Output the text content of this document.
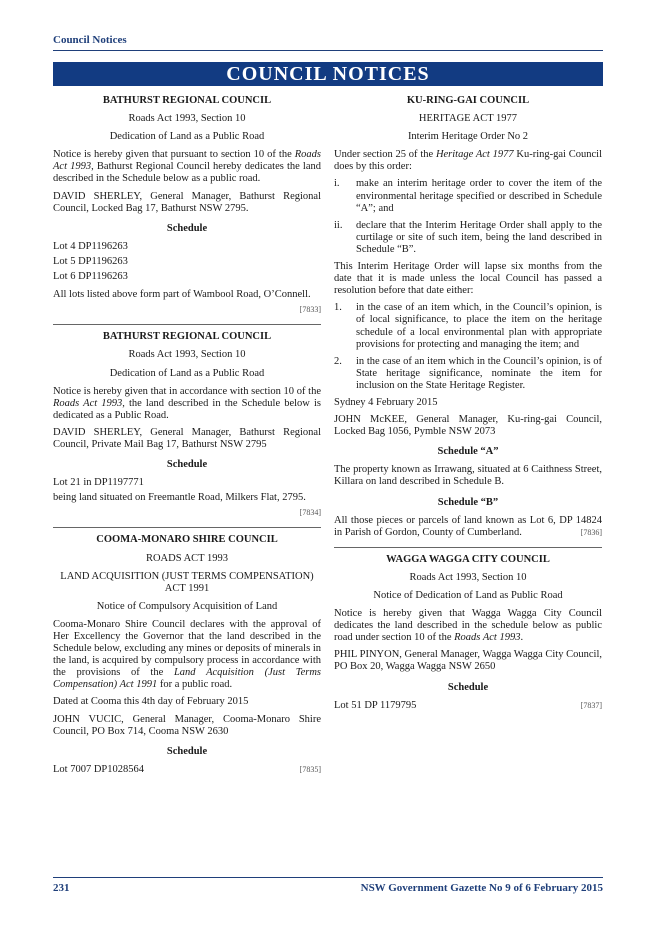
Council Notices
COUNCIL NOTICES
BATHURST REGIONAL COUNCIL
Roads Act 1993, Section 10
Dedication of Land as a Public Road

Notice is hereby given that pursuant to section 10 of the Roads Act 1993, Bathurst Regional Council hereby dedicates the land described in the Schedule below as a public road.

DAVID SHERLEY, General Manager, Bathurst Regional Council, Locked Bag 17, Bathurst NSW 2795.

Schedule
Lot 4 DP1196263
Lot 5 DP1196263
Lot 6 DP1196263
All lots listed above form part of Wambool Road, O’Connell.
[7833]
BATHURST REGIONAL COUNCIL
Roads Act 1993, Section 10
Dedication of Land as a Public Road

Notice is hereby given that in accordance with section 10 of the Roads Act 1993, the land described in the Schedule below is dedicated as a Public Road.

DAVID SHERLEY, General Manager, Bathurst Regional Council, Private Mail Bag 17, Bathurst NSW 2795

Schedule
Lot 21 in DP1197771
being land situated on Freemantle Road, Milkers Flat, 2795.
[7834]
COOMA-MONARO SHIRE COUNCIL
ROADS ACT 1993
LAND ACQUISITION (JUST TERMS COMPENSATION) ACT 1991
Notice of Compulsory Acquisition of Land

Cooma-Monaro Shire Council declares with the approval of Her Excellency the Governor that the land described in the Schedule below, excluding any mines or deposits of minerals in the land, is acquired by compulsory process in accordance with the provisions of the Land Acquisition (Just Terms Compensation) Act 1991 for a public road.

Dated at Cooma this 4th day of February 2015

JOHN VUCIC, General Manager, Cooma-Monaro Shire Council, PO Box 714, Cooma NSW 2630

Schedule
Lot 7007 DP1028564	[7835]
KU-RING-GAI COUNCIL
HERITAGE ACT 1977
Interim Heritage Order No 2

Under section 25 of the Heritage Act 1977 Ku-ring-gai Council does by this order:

i.	make an interim heritage order to cover the item of the environmental heritage specified or described in Schedule “A”; and
ii.	declare that the Interim Heritage Order shall apply to the curtilage or site of such item, being the land described in Schedule “B”.

This Interim Heritage Order will lapse six months from the date that it is made unless the local Council has passed a resolution before that date either:

1.	in the case of an item which, in the Council’s opinion, is of local significance, to place the item on the heritage schedule of a local environmental plan with appropriate provisions for protecting and managing the item; and
2.	in the case of an item which in the Council’s opinion, is of State heritage significance, nominate the item for inclusion on the State Heritage Register.

Sydney 4 February 2015

JOHN McKEE, General Manager, Ku-ring-gai Council, Locked Bag 1056, Pymble NSW 2073

Schedule “A”

The property known as Irrawang, situated at 6 Caithness Street, Killara on land described in Schedule B.

Schedule “B”

All those pieces or parcels of land known as Lot 6, DP 14824 in Parish of Gordon, County of Cumberland.	[7836]

WAGGA WAGGA CITY COUNCIL
Roads Act 1993, Section 10
Notice of Dedication of Land as Public Road

Notice is hereby given that Wagga Wagga City Council dedicates the land described in the schedule below as public road under section 10 of the Roads Act 1993.

PHIL PINYON, General Manager, Wagga Wagga City Council, PO Box 20, Wagga Wagga NSW 2650

Schedule
Lot 51 DP 1179795	[7837]
231	NSW Government Gazette No 9 of 6 February 2015
